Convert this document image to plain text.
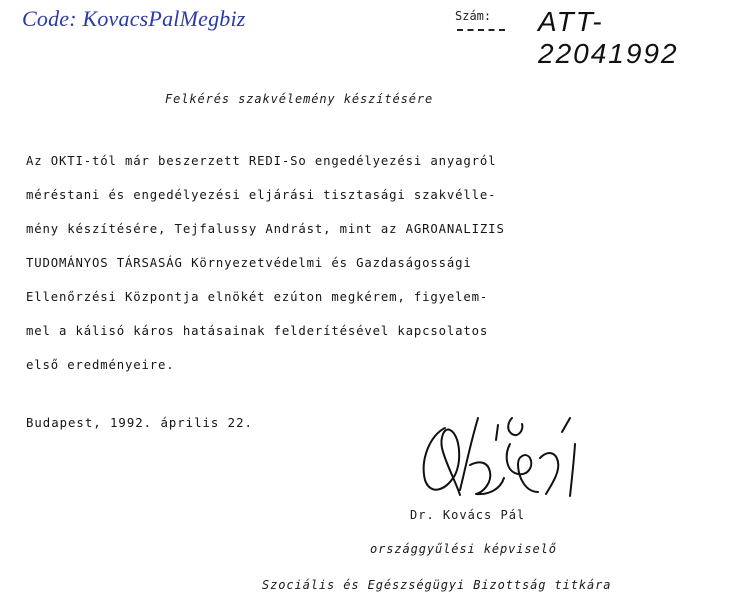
Code: KovacsPalMegbiz	Szám: ATT-22041992
Felkérés szakvélemény készítésére
Az OKTI-tól már beszerzett REDI-So engedélyezési anyagról
méréstani és engedélyezési eljárási tisztasági szakvélle-
mény készítésére, Tejfalussy Andrást, mint az AGROANALIZIS
TUDOMÁNYOS TÁRSASÁG Környezetvédelmi és Gazdaságossági
Ellenőrzési Központja elnökét ezúton megkérem, figyelem-
mel a kálisó káros hatásainak felderítésével kapcsolatos
első eredményeire.
Budapest, 1992. április 22.
Dr. Kovács Pál
országgyűlési képviselő
Szociális és Egészségügyi Bizottság titkára
